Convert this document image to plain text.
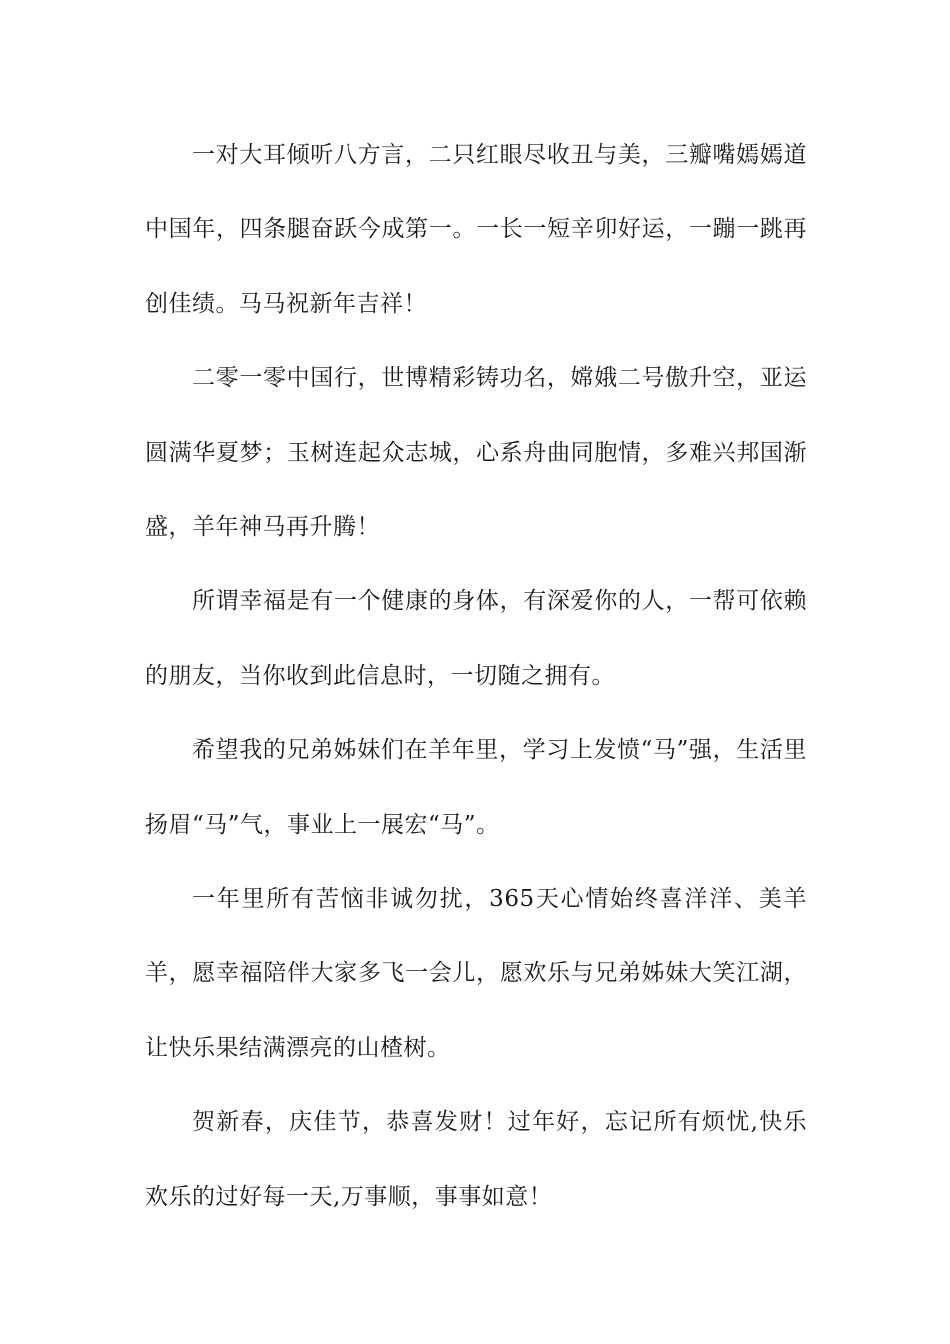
一对大耳倾听八方言，二只红眼尽收丑与美，三瓣嘴嫣嫣道中国年，四条腿奋跃今成第一。一长一短辛卯好运，一蹦一跳再创佳绩。马马祝新年吉祥！

二零一零中国行，世博精彩铸功名，嫦娥二号傲升空，亚运圆满华夏梦；玉树连起众志城，心系舟曲同胞情，多难兴邦国渐盛，羊年神马再升腾！

所谓幸福是有一个健康的身体，有深爱你的人，一帮可依赖的朋友，当你收到此信息时，一切随之拥有。

希望我的兄弟姊妹们在羊年里，学习上发愤“马”强，生活里扬眉“马”气，事业上一展宏“马”。

一年里所有苦恼非诚勿扰，365天心情始终喜洋洋、美羊羊，愿幸福陪伴大家多飞一会儿，愿欢乐与兄弟姊妹大笑江湖，让快乐果结满漂亮的山楂树。

贺新春，庆佳节，恭喜发财！过年好，忘记所有烦忧,快乐欢乐的过好每一天,万事顺，事事如意！
